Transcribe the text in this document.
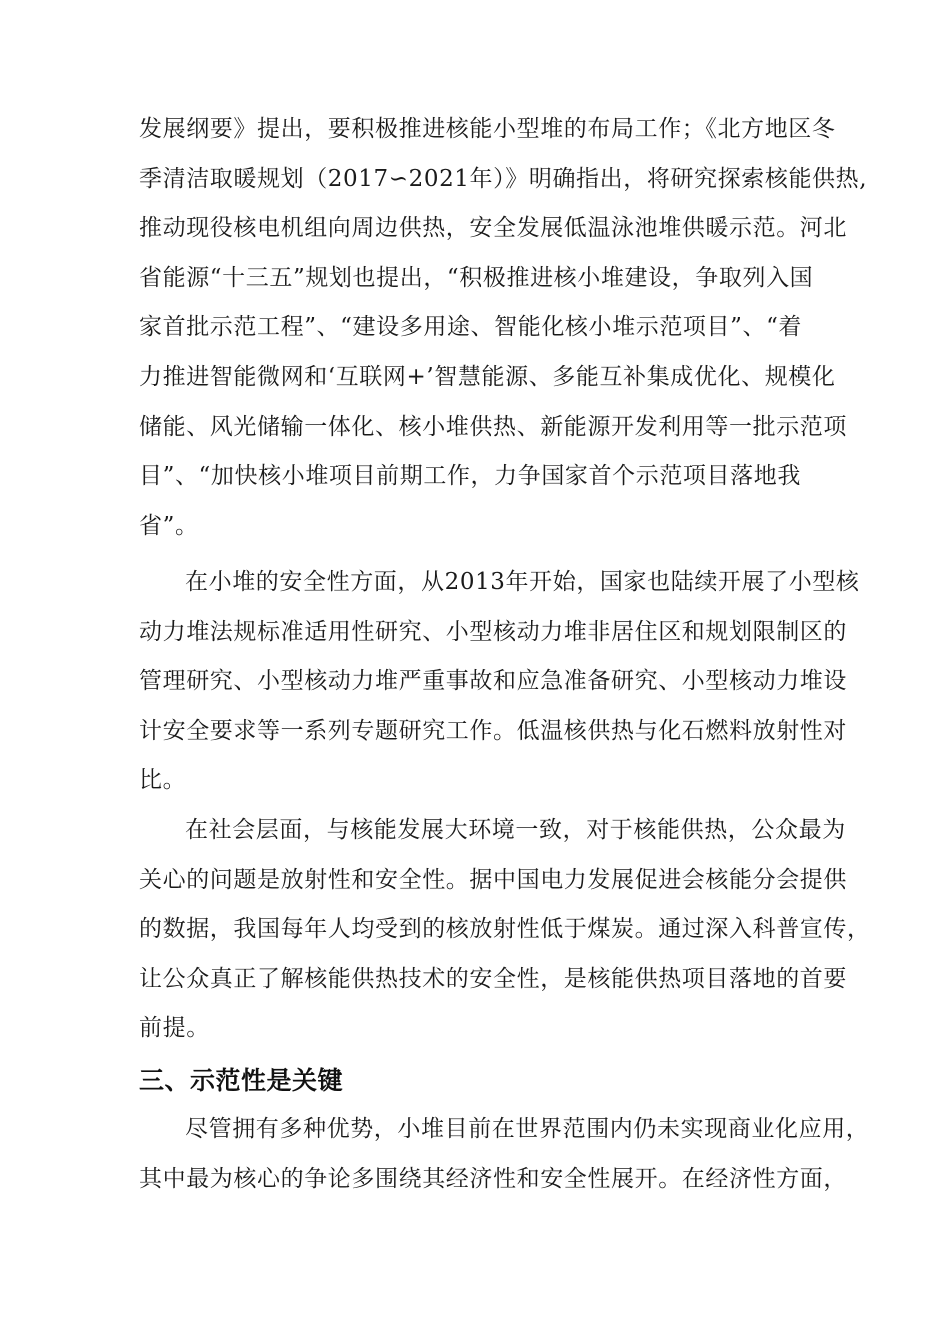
发展纲要》提出，要积极推进核能小型堆的布局工作；《北方地区冬
季清洁取暖规划（2017∽2021年）》明确指出，将研究探索核能供热,
推动现役核电机组向周边供热，安全发展低温泳池堆供暖示范。河北
省能源“十三五”规划也提出，“积极推进核小堆建设，争取列入国
家首批示范工程”、“建设多用途、智能化核小堆示范项目”、“着
力推进智能微网和‘互联网+’智慧能源、多能互补集成优化、规模化
储能、风光储输一体化、核小堆供热、新能源开发利用等一批示范项
目”、“加快核小堆项目前期工作，力争国家首个示范项目落地我
省”。
在小堆的安全性方面，从2013年开始，国家也陆续开展了小型核
动力堆法规标准适用性研究、小型核动力堆非居住区和规划限制区的
管理研究、小型核动力堆严重事故和应急准备研究、小型核动力堆设
计安全要求等一系列专题研究工作。低温核供热与化石燃料放射性对
比。
在社会层面，与核能发展大环境一致，对于核能供热，公众最为
关心的问题是放射性和安全性。据中国电力发展促进会核能分会提供
的数据，我国每年人均受到的核放射性低于煤炭。通过深入科普宣传，
让公众真正了解核能供热技术的安全性，是核能供热项目落地的首要
前提。
三、示范性是关键
尽管拥有多种优势，小堆目前在世界范围内仍未实现商业化应用，
其中最为核心的争论多围绕其经济性和安全性展开。在经济性方面，
